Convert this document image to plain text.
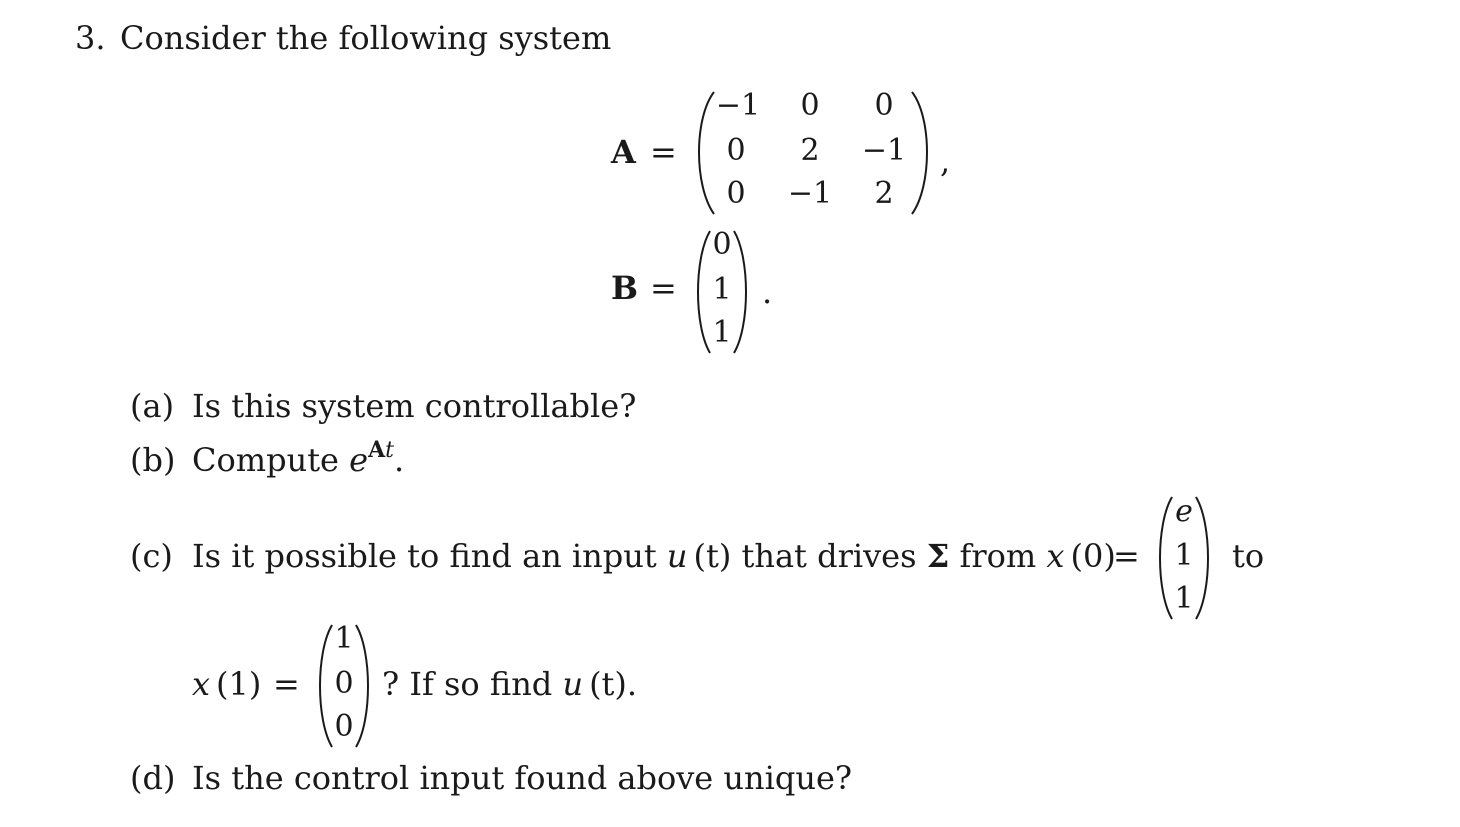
3. Consider the following system
A =
−1 0 0
0 2 −1
0 −1 2
,
B =
0
1
1
.
(a) Is this system controllable?
(b) Compute $e^{At}$.
(c) Is it possible to find an input u (t) that drives Σ from x (0)
=
e
1
1
to
x (1) =
1
0
0
? If so find u (t).
(d) Is the control input found above unique?
